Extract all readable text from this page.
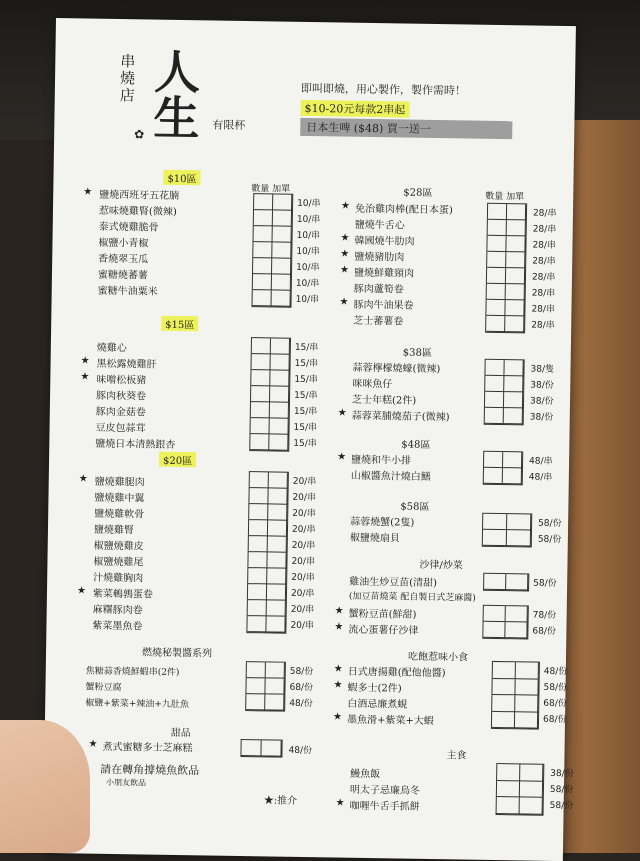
串燒店 人生 有限杯
✿
即叫即燒，用心製作，製作需時！
$10-20元每款2串起
日本生啤 ($48) 買一送一
$10區
數量 加單
★ 鹽燒西班牙五花腩
惹味燒雞腎(微辣)
泰式燒雞脆骨
椒鹽小青椒
香燒翠玉瓜
蜜糖燒蕃薯
蜜糖牛油粟米
10/串
10/串
10/串
10/串
10/串
10/串
10/串
$15區
燒雞心
★ 黑松露燒雞肝
★ 味噌松板豬
豚肉秋葵卷
豚肉金菇卷
豆皮包蒜茸
鹽燒日本清熱銀杏
15/串
15/串
15/串
15/串
15/串
15/串
15/串
$20區
★ 鹽燒雞腿肉
鹽燒雞中翼
鹽燒雞軟骨
鹽燒雞腎
椒鹽燒雞皮
椒鹽燒雞尾
汁燒雞胸肉
★ 紫菜鵪鶉蛋卷
麻糬豚肉卷
紫菜墨魚卷
20/串
20/串
20/串
20/串
20/串
20/串
20/串
20/串
20/串
20/串
燃燒秘製醬系列
焦糖蒜香燒鮮蝦串(2件)
蟹粉豆腐
椒鹽+紫菜+辣油+九肚魚
58/份
68/份
48/份
甜品
★ 煮式蜜糖多士芝麻糕	48/份
請在轉角撐燒魚飲品
小朋友飲品
★:推介
$28區	數量 加單
★ 免治雞肉棒(配日本蛋)
鹽燒牛舌心
★ 韓國燒牛肋肉
★ 鹽燒豬肋肉
★ 鹽燒鮮雞頸肉
豚肉蘆筍卷
★ 豚肉牛油果卷
芝士蕃薯卷
28/串
28/串
28/串
28/串
28/串
28/串
28/串
28/串
$38區
蒜蓉檸檬燒蠔(微辣)
咪咪魚仔
芝士年糕(2件)
★ 蒜蓉菜脯燒茄子(微辣)
38/隻
38/份
38/份
38/份
$48區
★ 鹽燒和牛小排
山椒醬魚汁燒白鱔
48/串
48/串
$58區
蒜蓉燒蟹(2隻)
椒鹽燒扇貝
58/份
58/份
沙律/炒菜
雞油生炒豆苗(清甜)
(加豆苗燒菜 配自製日式芝麻醬)
★ 蟹粉豆苗(鮮甜)
★ 流心蛋薯仔沙律
58/份
78/份
68/份
吃飽惹味小食
★ 日式唐揚雞(配他他醬)
★ 蝦多士(2件)
白酒忌廉煮蜆
★ 墨魚滑+紫菜+大蝦
48/份
58/份
68/份
68/份
主食
鰻魚飯
明太子忌廉烏冬
★ 咖喱牛舌手抓餅
38/份
58/份
58/份
